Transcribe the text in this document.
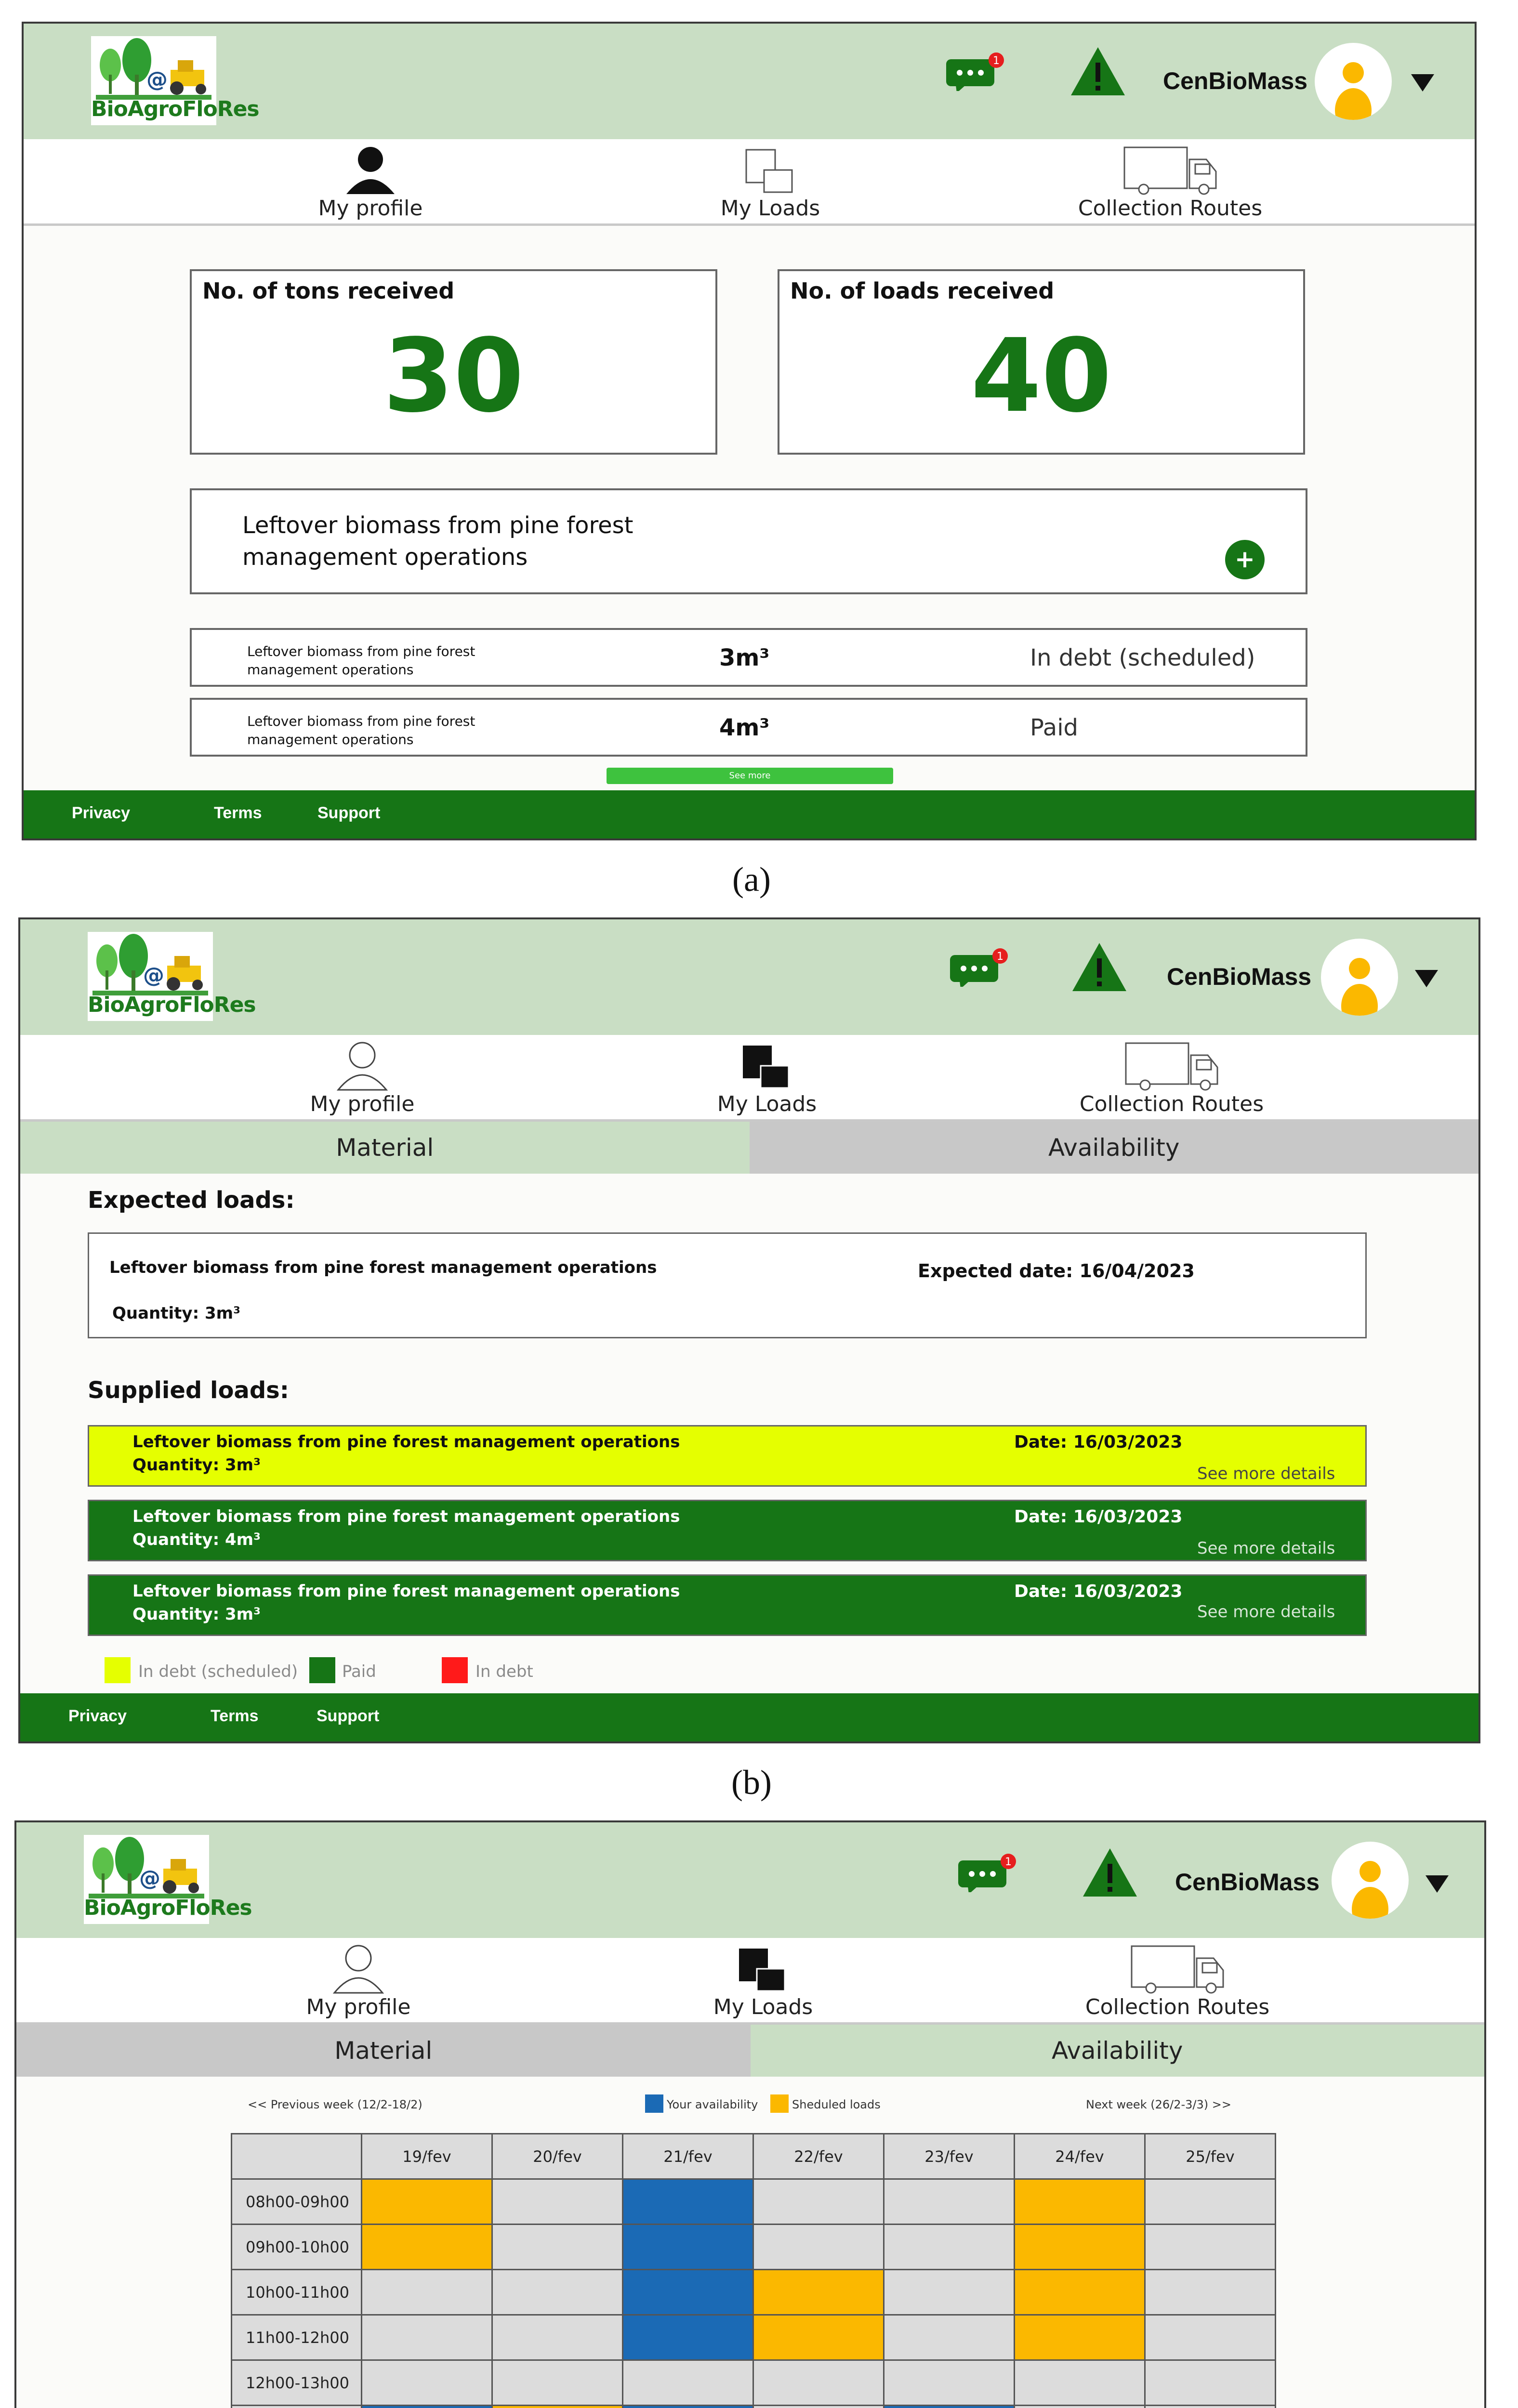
@
BioAgroFloRes
1
CenBioMass
My profile	My Loads	Collection Routes
No. of tons received
30
No. of loads received
40
Leftover biomass from pine forest management operations	+
Leftover biomass from pine forest management operations	3m³	In debt (scheduled)
Leftover biomass from pine forest management operations	4m³	Paid
See more
Privacy	Terms	Support
(a)
@
BioAgroFloRes
1
CenBioMass
My profile	My Loads	Collection Routes
Material	Availability
Expected loads:
Leftover biomass from pine forest management operations	Expected date: 16/04/2023
Quantity: 3m³
Supplied loads:
Leftover biomass from pine forest management operations
Quantity: 3m³
Date: 16/03/2023
See more details
Leftover biomass from pine forest management operations
Quantity: 4m³
Date: 16/03/2023
See more details
Leftover biomass from pine forest management operations
Quantity: 3m³
Date: 16/03/2023
See more details
In debt (scheduled)	Paid	In debt
Privacy	Terms	Support
(b)
@
BioAgroFloRes
1
CenBioMass
My profile	My Loads	Collection Routes
Material	Availability
<< Previous week (12/2-18/2)	Your availability	Sheduled loads	Next week (26/2-3/3) >>
	19/fev	20/fev	21/fev	22/fev	23/fev	24/fev	25/fev
08h00-09h00							
09h00-10h00							
10h00-11h00							
11h00-12h00							
12h00-13h00							
